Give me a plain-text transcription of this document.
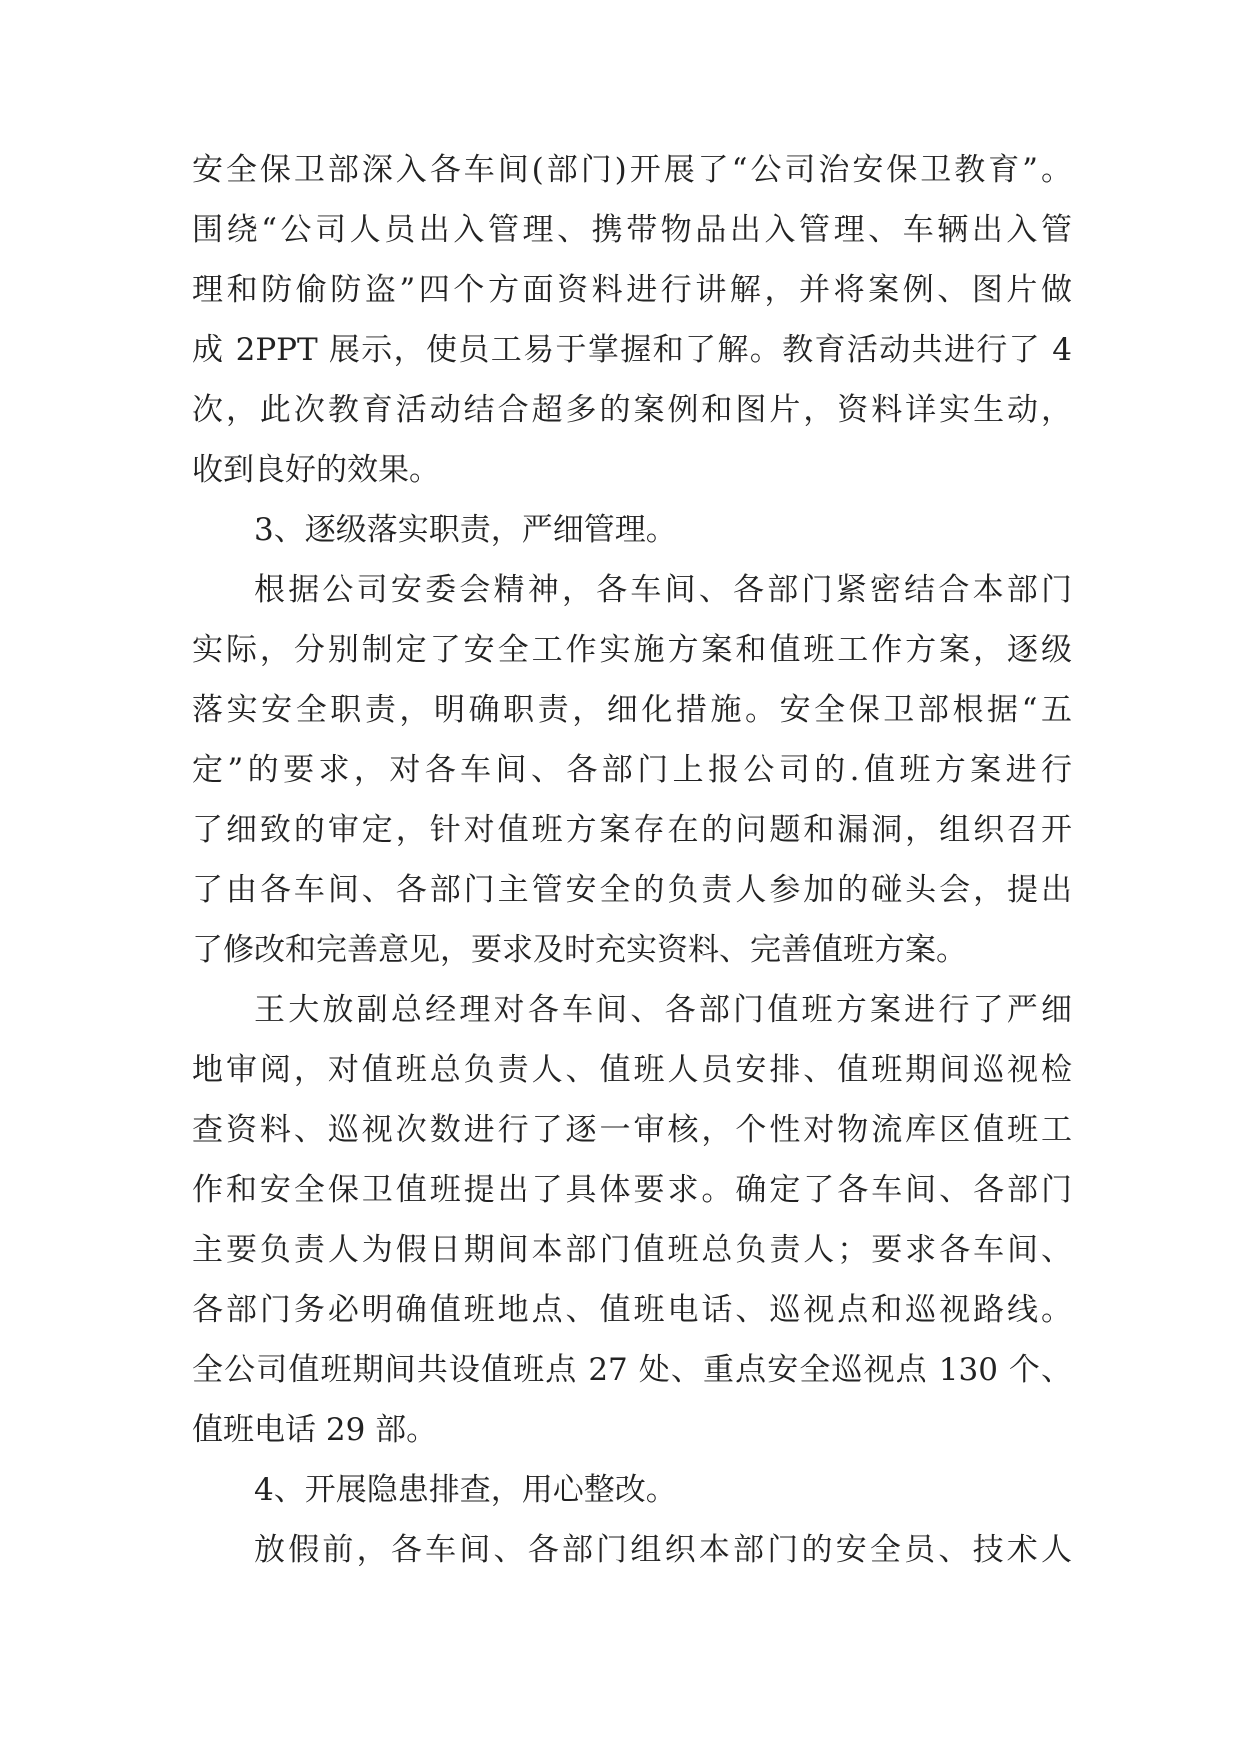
安全保卫部深入各车间(部门)开展了“公司治安保卫教育”。
围绕“公司人员出入管理、携带物品出入管理、车辆出入管
理和防偷防盗”四个方面资料进行讲解，并将案例、图片做
成 2PPT 展示，使员工易于掌握和了解。教育活动共进行了 4
次，此次教育活动结合超多的案例和图片，资料详实生动，
收到良好的效果。
3、逐级落实职责，严细管理。
根据公司安委会精神，各车间、各部门紧密结合本部门
实际，分别制定了安全工作实施方案和值班工作方案，逐级
落实安全职责，明确职责，细化措施。安全保卫部根据“五
定”的要求，对各车间、各部门上报公司的.值班方案进行
了细致的审定，针对值班方案存在的问题和漏洞，组织召开
了由各车间、各部门主管安全的负责人参加的碰头会，提出
了修改和完善意见，要求及时充实资料、完善值班方案。
王大放副总经理对各车间、各部门值班方案进行了严细
地审阅，对值班总负责人、值班人员安排、值班期间巡视检
查资料、巡视次数进行了逐一审核，个性对物流库区值班工
作和安全保卫值班提出了具体要求。确定了各车间、各部门
主要负责人为假日期间本部门值班总负责人；要求各车间、
各部门务必明确值班地点、值班电话、巡视点和巡视路线。
全公司值班期间共设值班点 27 处、重点安全巡视点 130 个、
值班电话 29 部。
4、开展隐患排查，用心整改。
放假前，各车间、各部门组织本部门的安全员、技术人
